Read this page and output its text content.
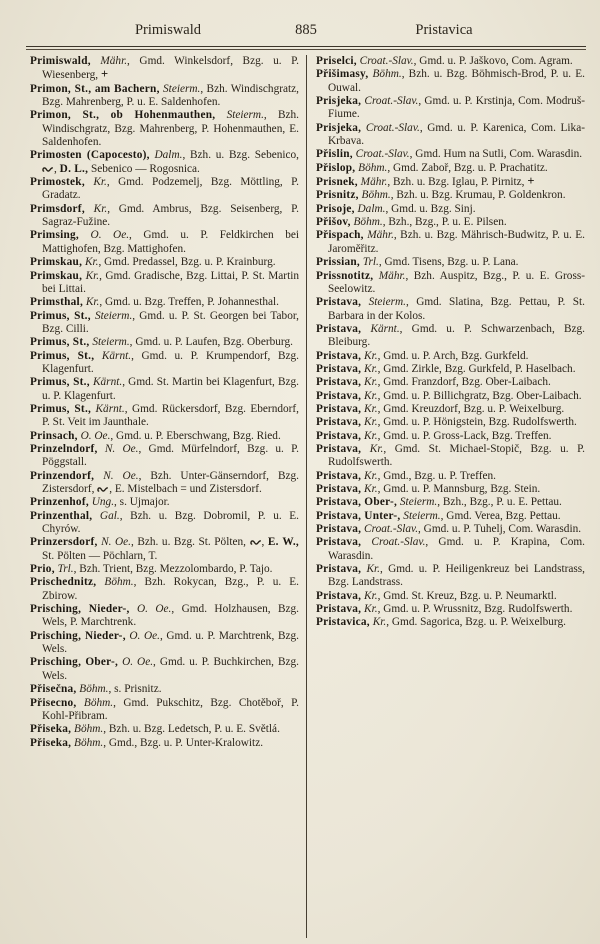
Primiswald	Pristavica
885

Primiswald, Mähr., Gmd. Winkelsdorf, Bzg. u. P. Wiesenberg, +

Primon, St., am Bachern, Steierm., Bzh. Windischgratz, Bzg. Mahrenberg, P. u. E. Saldenhofen.

Primon, St., ob Hohenmauthen, Steierm., Bzh. Windischgratz, Bzg. Mahrenberg, P. Hohenmauthen, E. Saldenhofen.

Primosten (Capocesto), Dalm., Bzh. u. Bzg. Sebenico, , D. L., Sebenico — Rogosnica.

Primostek, Kr., Gmd. Podzemelj, Bzg. Möttling, P. Gradatz.

Primsdorf, Kr., Gmd. Ambrus, Bzg. Seisenberg, P. Sagraz-Fužine.

Primsing, O. Oe., Gmd. u. P. Feldkirchen bei Mattighofen, Bzg. Mattighofen.

Primskau, Kr., Gmd. Predassel, Bzg. u. P. Krainburg.

Primskau, Kr., Gmd. Gradische, Bzg. Littai, P. St. Martin bei Littai.

Primsthal, Kr., Gmd. u. Bzg. Treffen, P. Johannesthal.

Primus, St., Steierm., Gmd. u. P. St. Georgen bei Tabor, Bzg. Cilli.

Primus, St., Steierm., Gmd. u. P. Laufen, Bzg. Oberburg.

Primus, St., Kärnt., Gmd. u. P. Krumpendorf, Bzg. Klagenfurt.

Primus, St., Kärnt., Gmd. St. Martin bei Klagenfurt, Bzg. u. P. Klagenfurt.

Primus, St., Kärnt., Gmd. Rückersdorf, Bzg. Eberndorf, P. St. Veit im Jaunthale.

Prinsach, O. Oe., Gmd. u. P. Eberschwang, Bzg. Ried.

Prinzelndorf, N. Oe., Gmd. Mürfelndorf, Bzg. u. P. Pöggstall.

Prinzendorf, N. Oe., Bzh. Unter-Gänserndorf, Bzg. Zistersdorf, , E. Mistelbach = und Zistersdorf.

Prinzenhof, Ung., s. Ujmajor.

Prinzenthal, Gal., Bzh. u. Bzg. Dobromil, P. u. E. Chyrów.

Prinzersdorf, N. Oe., Bzh. u. Bzg. St. Pölten, , E. W., St. Pölten — Pöchlarn, T.

Prio, Trl., Bzh. Trient, Bzg. Mezzolombardo, P. Tajo.

Prischednitz, Böhm., Bzh. Rokycan, Bzg., P. u. E. Zbirow.

Prisching, Nieder-, O. Oe., Gmd. Holzhausen, Bzg. Wels, P. Marchtrenk.

Prisching, Nieder-, O. Oe., Gmd. u. P. Marchtrenk, Bzg. Wels.

Prisching, Ober-, O. Oe., Gmd. u. P. Buchkirchen, Bzg. Wels.

Přisečna, Böhm., s. Prisnitz.

Přisecno, Böhm., Gmd. Pukschitz, Bzg. Chotěboř, P. Kohl-Přibram.

Přiseka, Böhm., Bzh. u. Bzg. Ledetsch, P. u. E. Světlá.

Přiseka, Böhm., Gmd., Bzg. u. P. Unter-Kralowitz.

Priselci, Croat.-Slav., Gmd. u. P. Jaškovo, Com. Agram.

Přišimasy, Böhm., Bzh. u. Bzg. Böhmisch-Brod, P. u. E. Ouwal.

Prisjeka, Croat.-Slav., Gmd. u. P. Krstinja, Com. Modruš-Fiume.

Prisjeka, Croat.-Slav., Gmd. u. P. Karenica, Com. Lika-Krbava.

Přislin, Croat.-Slav., Gmd. Hum na Sutli, Com. Warasdin.

Přislop, Böhm., Gmd. Zaboř, Bzg. u. P. Prachatitz.

Prisnek, Mähr., Bzh. u. Bzg. Iglau, P. Pirnitz, +

Prisnitz, Böhm., Bzh. u. Bzg. Krumau, P. Goldenkron.

Prisoje, Dalm., Gmd. u. Bzg. Sinj.

Přišov, Böhm., Bzh., Bzg., P. u. E. Pilsen.

Přispach, Mähr., Bzh. u. Bzg. Mährisch-Budwitz, P. u. E. Jaroměřitz.

Prissian, Trl., Gmd. Tisens, Bzg. u. P. Lana.

Prissnotitz, Mähr., Bzh. Auspitz, Bzg., P. u. E. Gross-Seelowitz.

Pristava, Steierm., Gmd. Slatina, Bzg. Pettau, P. St. Barbara in der Kolos.

Pristava, Kärnt., Gmd. u. P. Schwarzenbach, Bzg. Bleiburg.

Pristava, Kr., Gmd. u. P. Arch, Bzg. Gurkfeld.

Pristava, Kr., Gmd. Zirkle, Bzg. Gurkfeld, P. Haselbach.

Pristava, Kr., Gmd. Franzdorf, Bzg. Ober-Laibach.

Pristava, Kr., Gmd. u. P. Billichgratz, Bzg. Ober-Laibach.

Pristava, Kr., Gmd. Kreuzdorf, Bzg. u. P. Weixelburg.

Pristava, Kr., Gmd. u. P. Hönigstein, Bzg. Rudolfswerth.

Pristava, Kr., Gmd. u. P. Gross-Lack, Bzg. Treffen.

Pristava, Kr., Gmd. St. Michael-Stopič, Bzg. u. P. Rudolfswerth.

Pristava, Kr., Gmd., Bzg. u. P. Treffen.

Pristava, Kr., Gmd. u. P. Mannsburg, Bzg. Stein.

Pristava, Ober-, Steierm., Bzh., Bzg., P. u. E. Pettau.

Pristava, Unter-, Steierm., Gmd. Verea, Bzg. Pettau.

Pristava, Croat.-Slav., Gmd. u. P. Tuhelj, Com. Warasdin.

Pristava, Croat.-Slav., Gmd. u. P. Krapina, Com. Warasdin.

Pristava, Kr., Gmd. u. P. Heiligenkreuz bei Landstrass, Bzg. Landstrass.

Pristava, Kr., Gmd. St. Kreuz, Bzg. u. P. Neumarktl.

Pristava, Kr., Gmd. u. P. Wrussnitz, Bzg. Rudolfswerth.

Pristavica, Kr., Gmd. Sagorica, Bzg. u. P. Weixelburg.
